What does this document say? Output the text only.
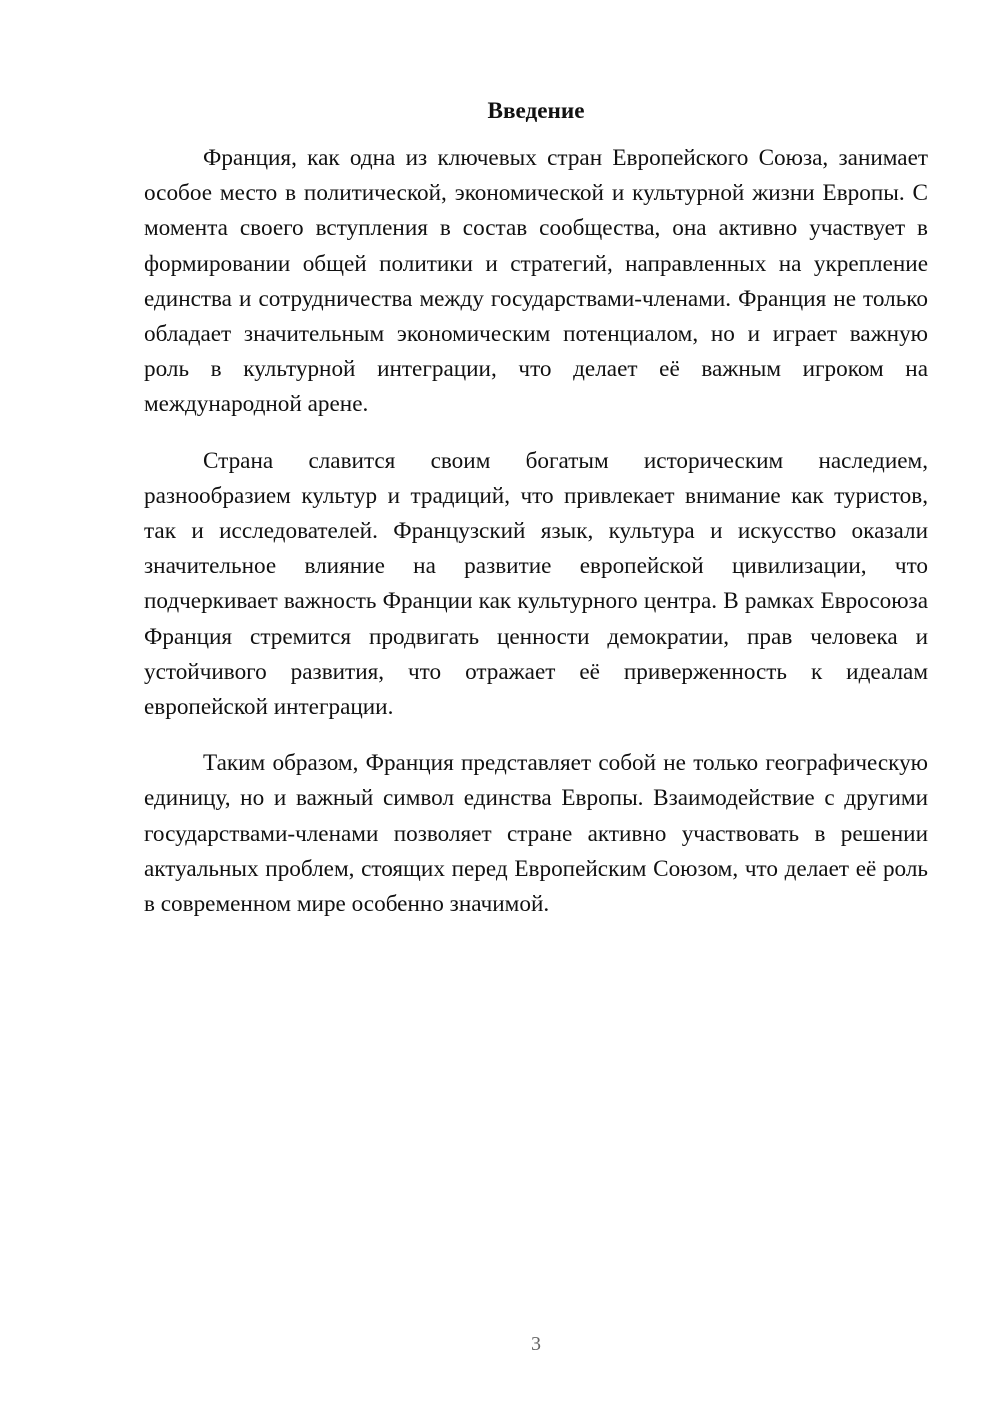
Введение

Франция, как одна из ключевых стран Европейского Союза, занимает особое место в политической, экономической и культурной жизни Европы. С момента своего вступления в состав сообщества, она активно участвует в формировании общей политики и стратегий, направленных на укрепление единства и сотрудничества между государствами-членами. Франция не только обладает значительным экономическим потенциалом, но и играет важную роль в культурной интеграции, что делает её важным игроком на международной арене.

Страна славится своим богатым историческим наследием, разнообразием культур и традиций, что привлекает внимание как туристов, так и исследователей. Французский язык, культура и искусство оказали значительное влияние на развитие европейской цивилизации, что подчеркивает важность Франции как культурного центра. В рамках Евросоюза Франция стремится продвигать ценности демократии, прав человека и устойчивого развития, что отражает её приверженность к идеалам европейской интеграции.

Таким образом, Франция представляет собой не только географическую единицу, но и важный символ единства Европы. Взаимодействие с другими государствами-членами позволяет стране активно участвовать в решении актуальных проблем, стоящих перед Европейским Союзом, что делает её роль в современном мире особенно значимой.

3
